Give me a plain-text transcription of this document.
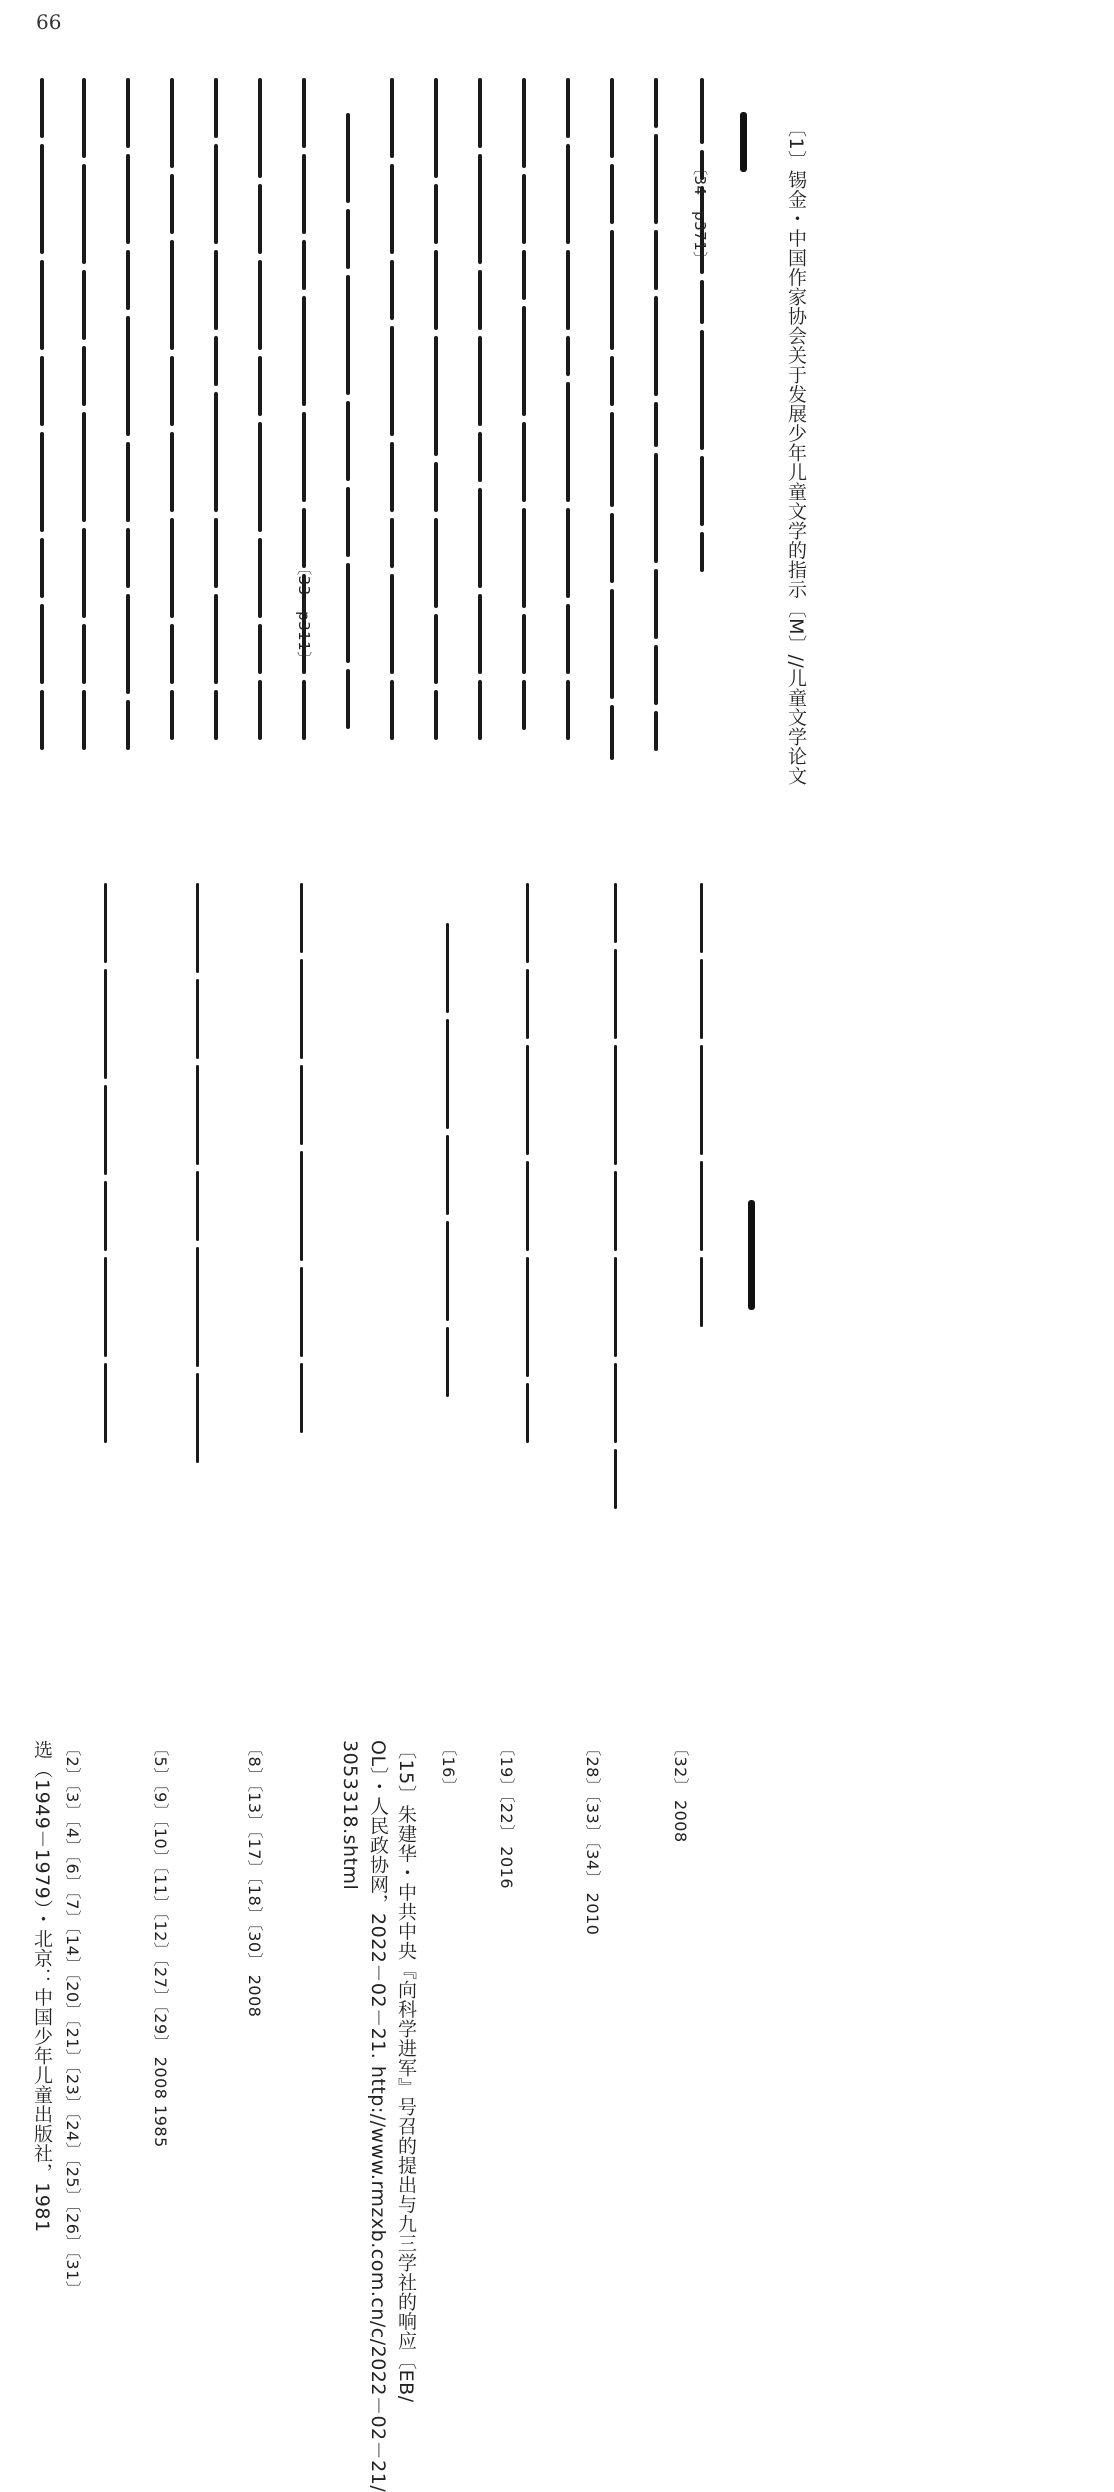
66
〔1〕锡金・中国作家协会关于发展少年儿童文学的指示〔M〕//儿童文学论文
〔34－p371〕
〔33－p311〕
〔32〕 2008
〔28〕〔33〕〔34〕 2010
〔19〕〔22〕 2016
〔16〕
〔15〕朱建华・中共中央『向科学进军』号召的提出与九三学社的响应〔EB/
OL〕・人民政协网，2022－02－21. http://www.rmzxb.com.cn/c/2022－02－21/
3053318.shtml
〔8〕〔13〕〔17〕〔18〕〔30〕 2008
〔5〕〔9〕〔10〕〔11〕〔12〕〔27〕〔29〕 2008 1985
〔2〕〔3〕〔4〕〔6〕〔7〕〔14〕〔20〕〔21〕〔23〕〔24〕〔25〕〔26〕〔31〕
选（1949－1979）・北京：中国少年儿童出版社，1981
